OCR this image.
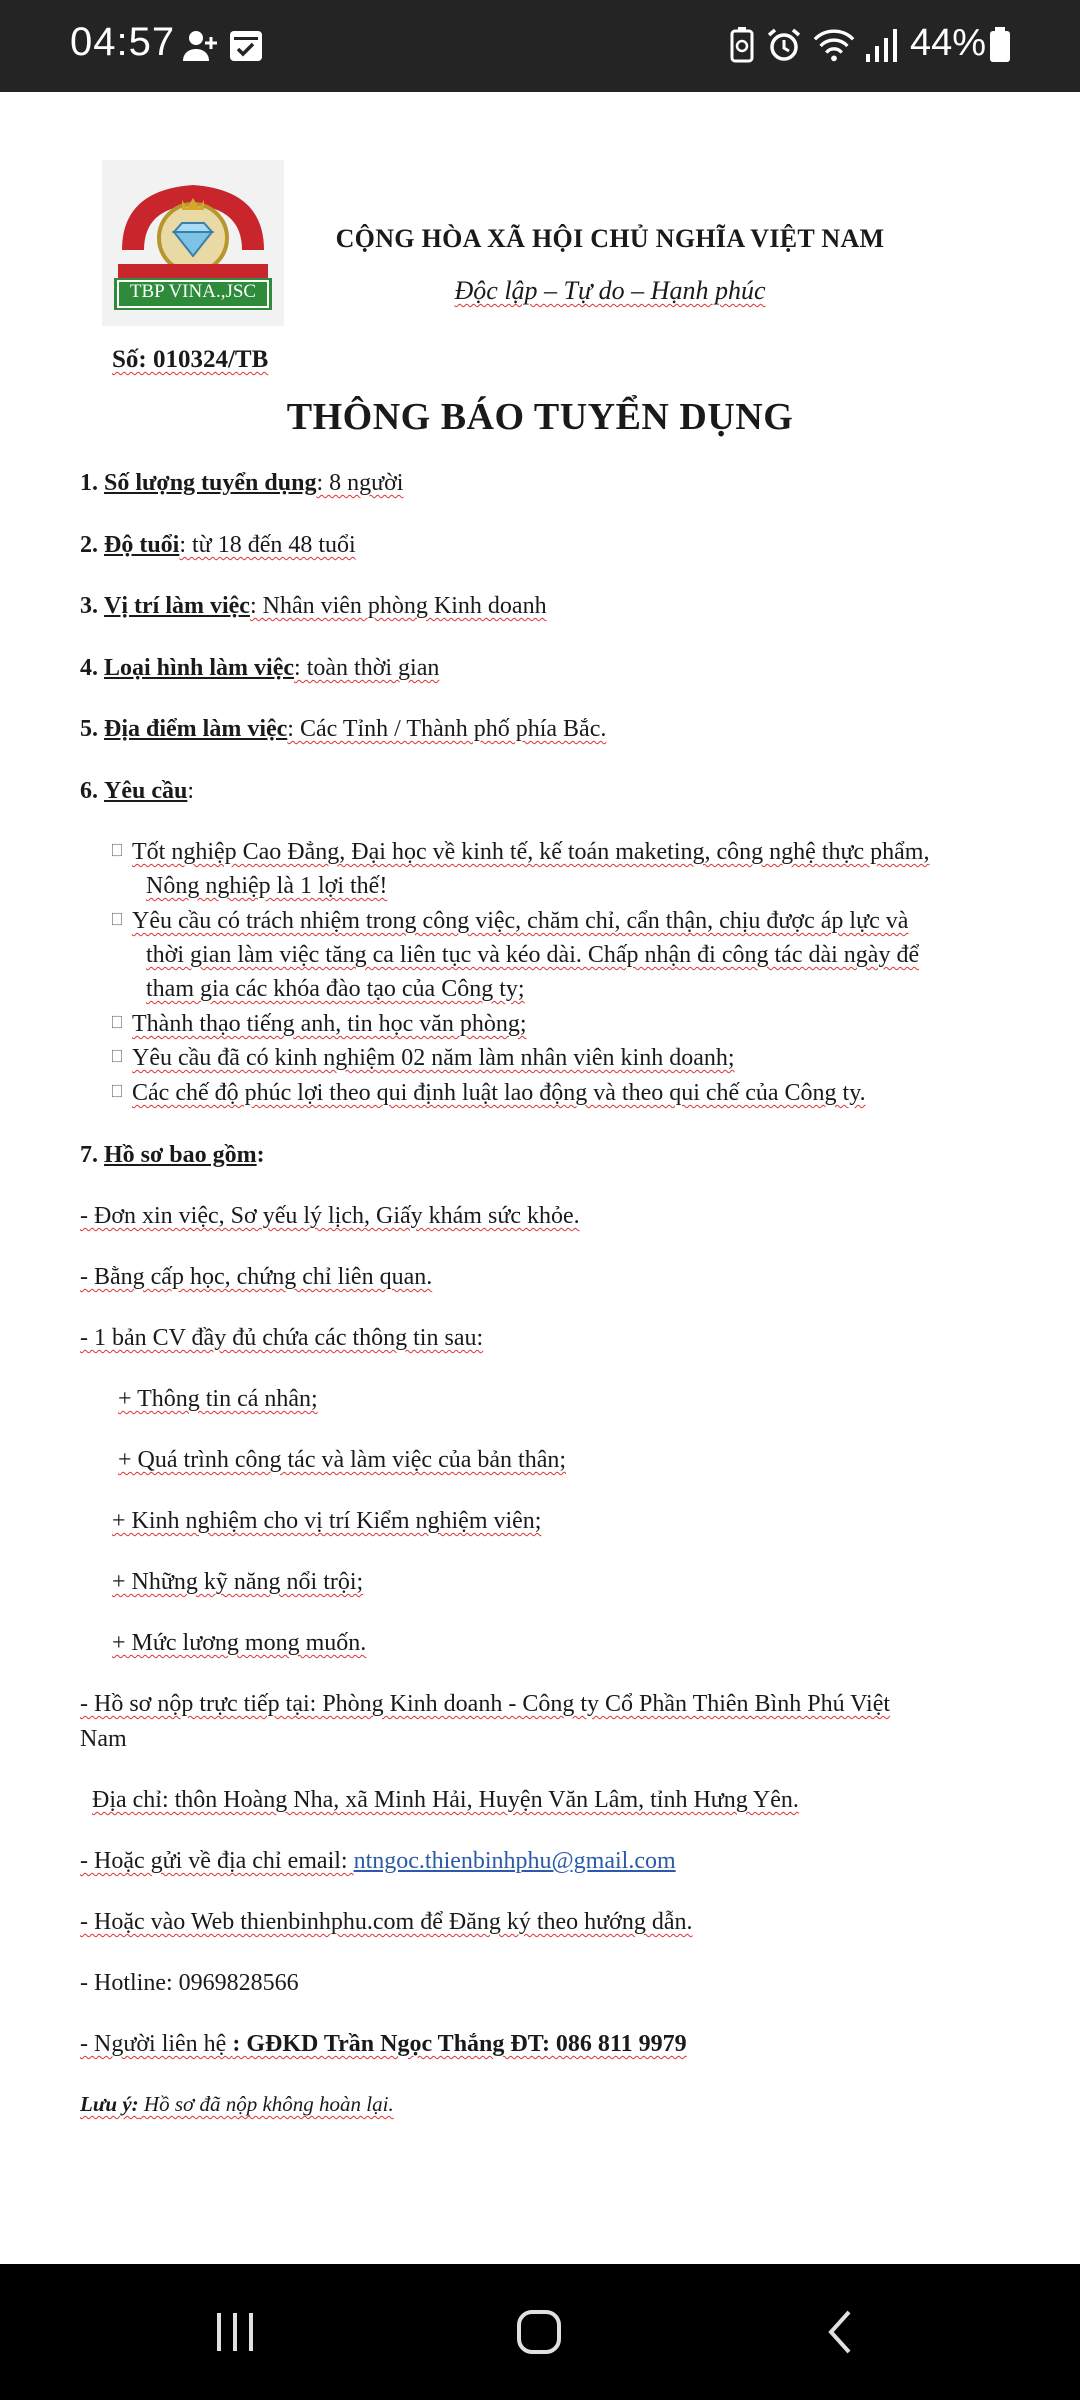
04:57	44%
TBP VINA.,JSC
CỘNG HÒA XÃ HỘI CHỦ NGHĨA VIỆT NAM
Độc lập – Tự do – Hạnh phúc
Số: 010324/TB
THÔNG BÁO TUYỂN DỤNG
1. Số lượng tuyển dụng: 8 người
2. Độ tuổi: từ 18 đến 48 tuổi
3. Vị trí làm việc: Nhân viên phòng Kinh doanh
4. Loại hình làm việc: toàn thời gian
5. Địa điểm làm việc: Các Tỉnh / Thành phố phía Bắc.
6. Yêu cầu:
Tốt nghiệp Cao Đẳng, Đại học về kinh tế, kế toán maketing, công nghệ thực phẩm,
Nông nghiệp là 1 lợi thế!
Yêu cầu có trách nhiệm trong công việc, chăm chỉ, cẩn thận, chịu được áp lực và
thời gian làm việc tăng ca liên tục và kéo dài. Chấp nhận đi công tác dài ngày để
tham gia các khóa đào tạo của Công ty;
Thành thạo tiếng anh, tin học văn phòng;
Yêu cầu đã có kinh nghiệm 02 năm làm nhân viên kinh doanh;
Các chế độ phúc lợi theo qui định luật lao động và theo qui chế của Công ty.
7. Hồ sơ bao gồm:
- Đơn xin việc, Sơ yếu lý lịch, Giấy khám sức khỏe.
- Bằng cấp học, chứng chỉ liên quan.
- 1 bản CV đầy đủ chứa các thông tin sau:
+ Thông tin cá nhân;
+ Quá trình công tác và làm việc của bản thân;
+ Kinh nghiệm cho vị trí Kiểm nghiệm viên;
+ Những kỹ năng nổi trội;
+ Mức lương mong muốn.
- Hồ sơ nộp trực tiếp tại: Phòng Kinh doanh - Công ty Cổ Phần Thiên Bình Phú Việt
Nam
Địa chỉ: thôn Hoàng Nha, xã Minh Hải, Huyện Văn Lâm, tỉnh Hưng Yên.
- Hoặc gửi về địa chỉ email: ntngoc.thienbinhphu@gmail.com
- Hoặc vào Web thienbinhphu.com để Đăng ký theo hướng dẫn.
- Hotline: 0969828566
- Người liên hệ : GĐKD Trần Ngọc Thắng ĐT: 086 811 9979
Lưu ý: Hồ sơ đã nộp không hoàn lại.
